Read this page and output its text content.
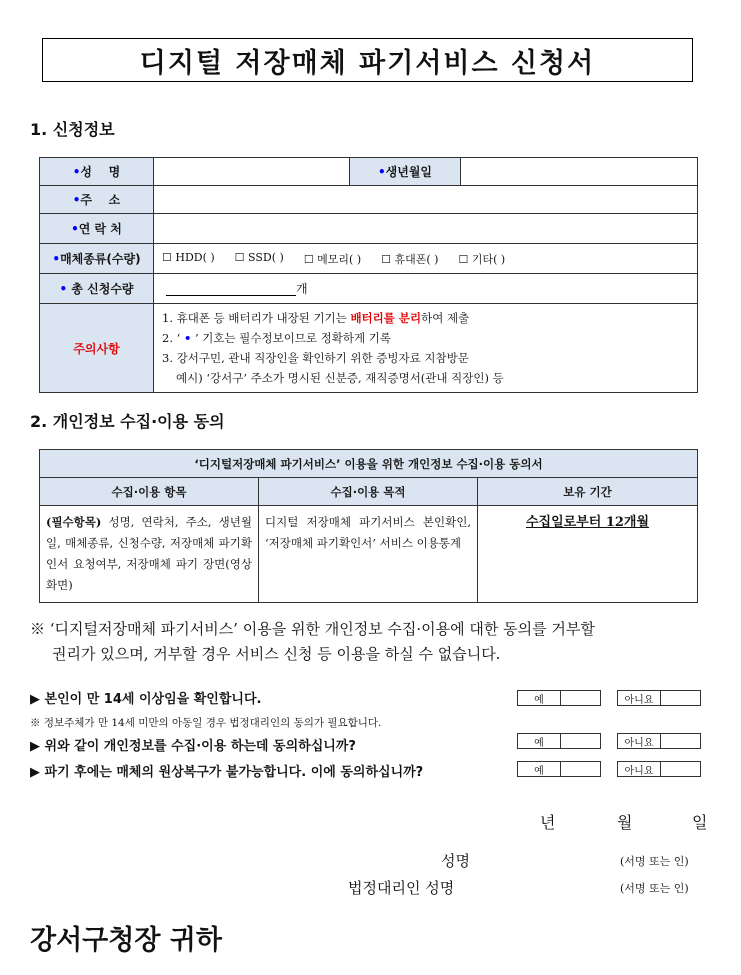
디지털 저장매체 파기서비스 신청서
1. 신청정보
•성    명		•생년월일	
•주    소			
•연 락 처			
•매체종류(수량)	☐ HDD( ) ☐ SSD( ) ☐ 메모리( ) ☐ 휴대폰( ) ☐ 기타( )		

• 총 신청수량	개		

주의사항	1. 휴대폰 등 배터리가 내장된 기기는 배터리를 분리하여 제출
2. ‘ • ’ 기호는 필수정보이므로 정확하게 기록
3. 강서구민, 관내 직장인을 확인하기 위한 증빙자료 지참방문
예시) ‘강서구’ 주소가 명시된 신분증, 재직증명서(관내 직장인) 등		
2. 개인정보 수집·이용 동의
‘디지털저장매체 파기서비스’ 이용을 위한 개인정보 수집·이용 동의서		
수집·이용 항목	수집·이용 목적	보유 기간
(필수항목) 성명, 연락처, 주소, 생년월일, 매체종류, 신청수량, 저장매체 파기확인서 요청여부, 저장매체 파기 장면(영상화면)	디지털 저장매체 파기서비스 본인확인, ‘저장매체 파기확인서’ 서비스 이용통계	수집일로부터 12개월
※ ‘디지털저장매체 파기서비스’ 이용을 위한 개인정보 수집·이용에 대한 동의를 거부할
권리가 있으며, 거부할 경우 서비스 신청 등 이용을 하실 수 없습니다.
▶ 본인이 만 14세 이상임을 확인합니다.	예	아니요
※ 정보주체가 만 14세 미만의 아동일 경우 법정대리인의 동의가 필요합니다.
▶ 위와 같이 개인정보를 수집·이용 하는데 동의하십니까?	예	아니요
▶ 파기 후에는 매체의 원상복구가 불가능합니다. 이에 동의하십니까?	예	아니요
년	월	일
성명	(서명 또는 인)
법정대리인 성명	(서명 또는 인)
강서구청장 귀하
